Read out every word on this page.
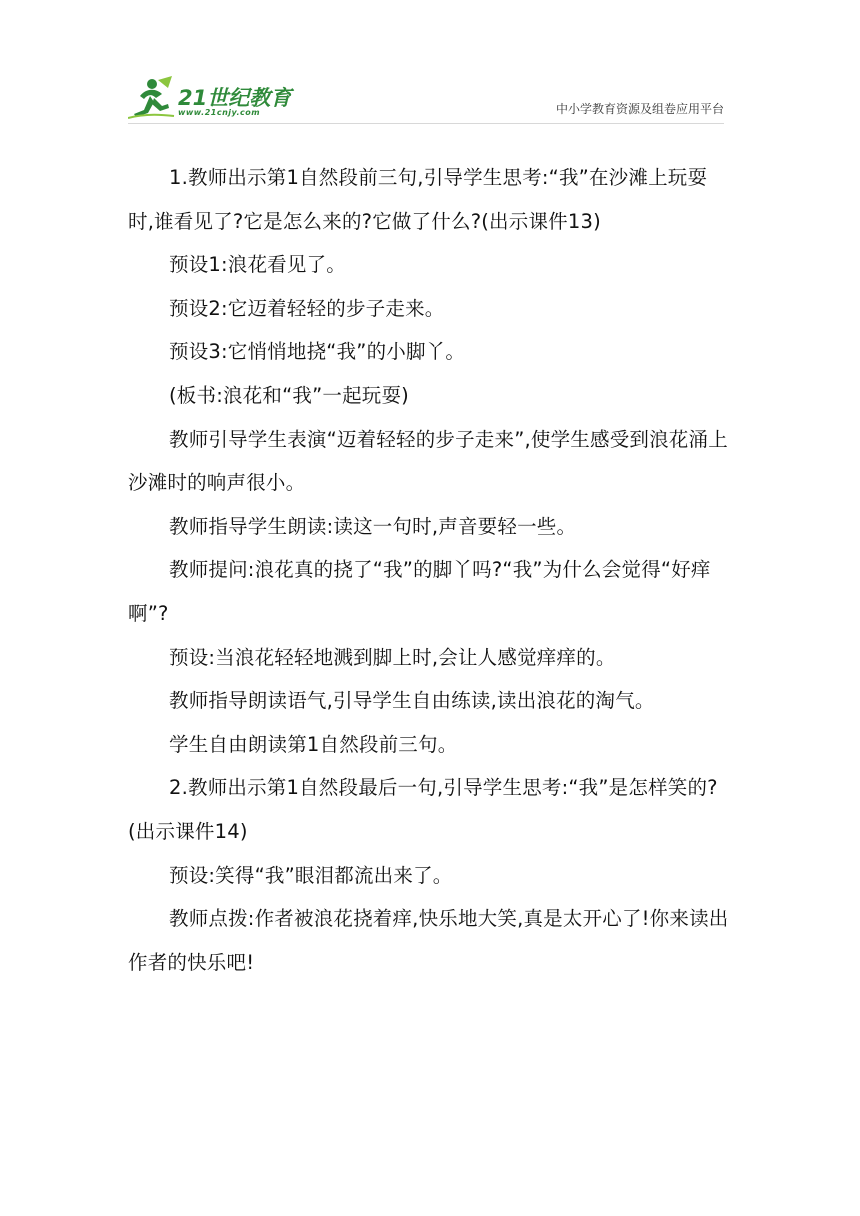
21世纪教育
www.21cnjy.com	中小学教育资源及组卷应用平台

1.教师出示第1自然段前三句,引导学生思考:“我”在沙滩上玩耍时,谁看见了?它是怎么来的?它做了什么?(出示课件13)

预设1:浪花看见了。

预设2:它迈着轻轻的步子走来。

预设3:它悄悄地挠“我”的小脚丫。

(板书:浪花和“我”一起玩耍)

教师引导学生表演“迈着轻轻的步子走来”,使学生感受到浪花涌上沙滩时的响声很小。

教师指导学生朗读:读这一句时,声音要轻一些。

教师提问:浪花真的挠了“我”的脚丫吗?“我”为什么会觉得“好痒啊”?

预设:当浪花轻轻地溅到脚上时,会让人感觉痒痒的。

教师指导朗读语气,引导学生自由练读,读出浪花的淘气。

学生自由朗读第1自然段前三句。

2.教师出示第1自然段最后一句,引导学生思考:“我”是怎样笑的?(出示课件14)

预设:笑得“我”眼泪都流出来了。

教师点拨:作者被浪花挠着痒,快乐地大笑,真是太开心了!你来读出作者的快乐吧!
